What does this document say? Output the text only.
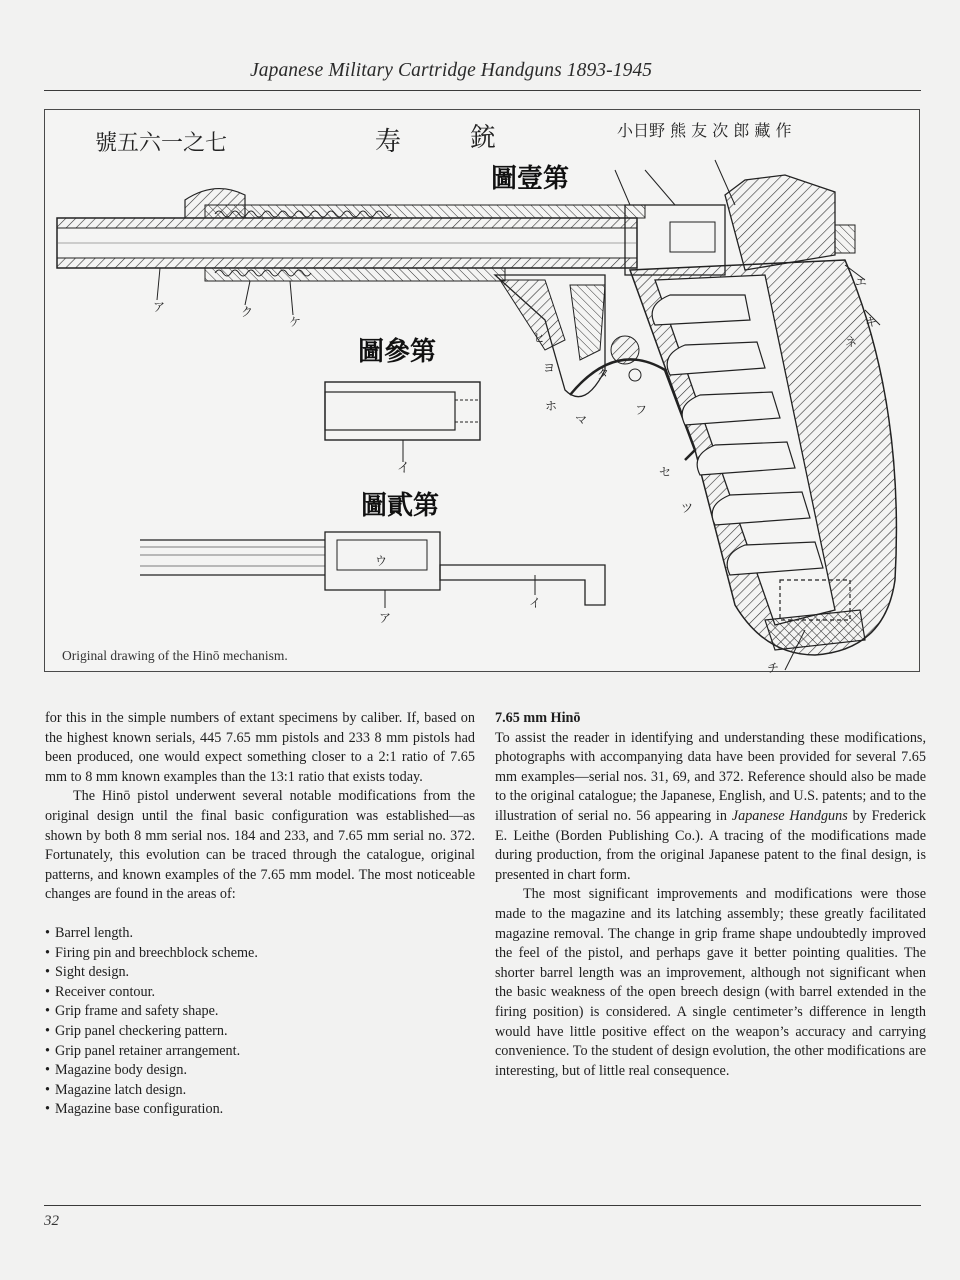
Japanese Military Cartridge Handguns 1893-1945
號五六一之七	寿	銃	小日野 熊 友 次 郎 藏 作
圖壹第
圖參第
圖貳第
イ
ウ
ア
イ
ア	ク
ケ
ヒ
ヨ
ホ
マ
フ
タ
セ
ツ
エ
キ
ネ
チ
Original drawing of the Hinō mechanism.

for this in the simple numbers of extant specimens by caliber. If, based on the highest known serials, 445 7.65 mm pistols and 233 8 mm pistols had been produced, one would expect something closer to a 2:1 ratio of 7.65 mm to 8 mm known examples than the 13:1 ratio that exists today.

The Hinō pistol underwent several notable modifications from the original design until the final basic configuration was established—as shown by both 8 mm serial nos. 184 and 233, and 7.65 mm serial no. 372. Fortunately, this evolution can be traced through the catalogue, original patterns, and known examples of the 7.65 mm model. The most noticeable changes are found in the areas of:

• Barrel length.
• Firing pin and breechblock scheme.
• Sight design.
• Receiver contour.
• Grip frame and safety shape.
• Grip panel checkering pattern.
• Grip panel retainer arrangement.
• Magazine body design.
• Magazine latch design.
• Magazine base configuration.

7.65 mm Hinō

To assist the reader in identifying and understanding these modifications, photographs with accompanying data have been provided for several 7.65 mm examples—serial nos. 31, 69, and 372. Reference should also be made to the original catalogue; the Japanese, English, and U.S. patents; and to the illustration of serial no. 56 appearing in Japanese Handguns by Frederick E. Leithe (Borden Publishing Co.). A tracing of the modifications made during production, from the original Japanese patent to the final design, is presented in chart form.

The most significant improvements and modifications were those made to the magazine and its latching assembly; these greatly facilitated magazine removal. The change in grip frame shape undoubtedly improved the feel of the pistol, and perhaps gave it better pointing qualities. The shorter barrel length was an improvement, although not significant when the basic weakness of the open breech design (with barrel extended in the firing position) is considered. A single centimeter’s difference in length would have little positive effect on the weapon’s accuracy and carrying convenience. To the student of design evolution, the other modifications are interesting, but of little real consequence.

32
